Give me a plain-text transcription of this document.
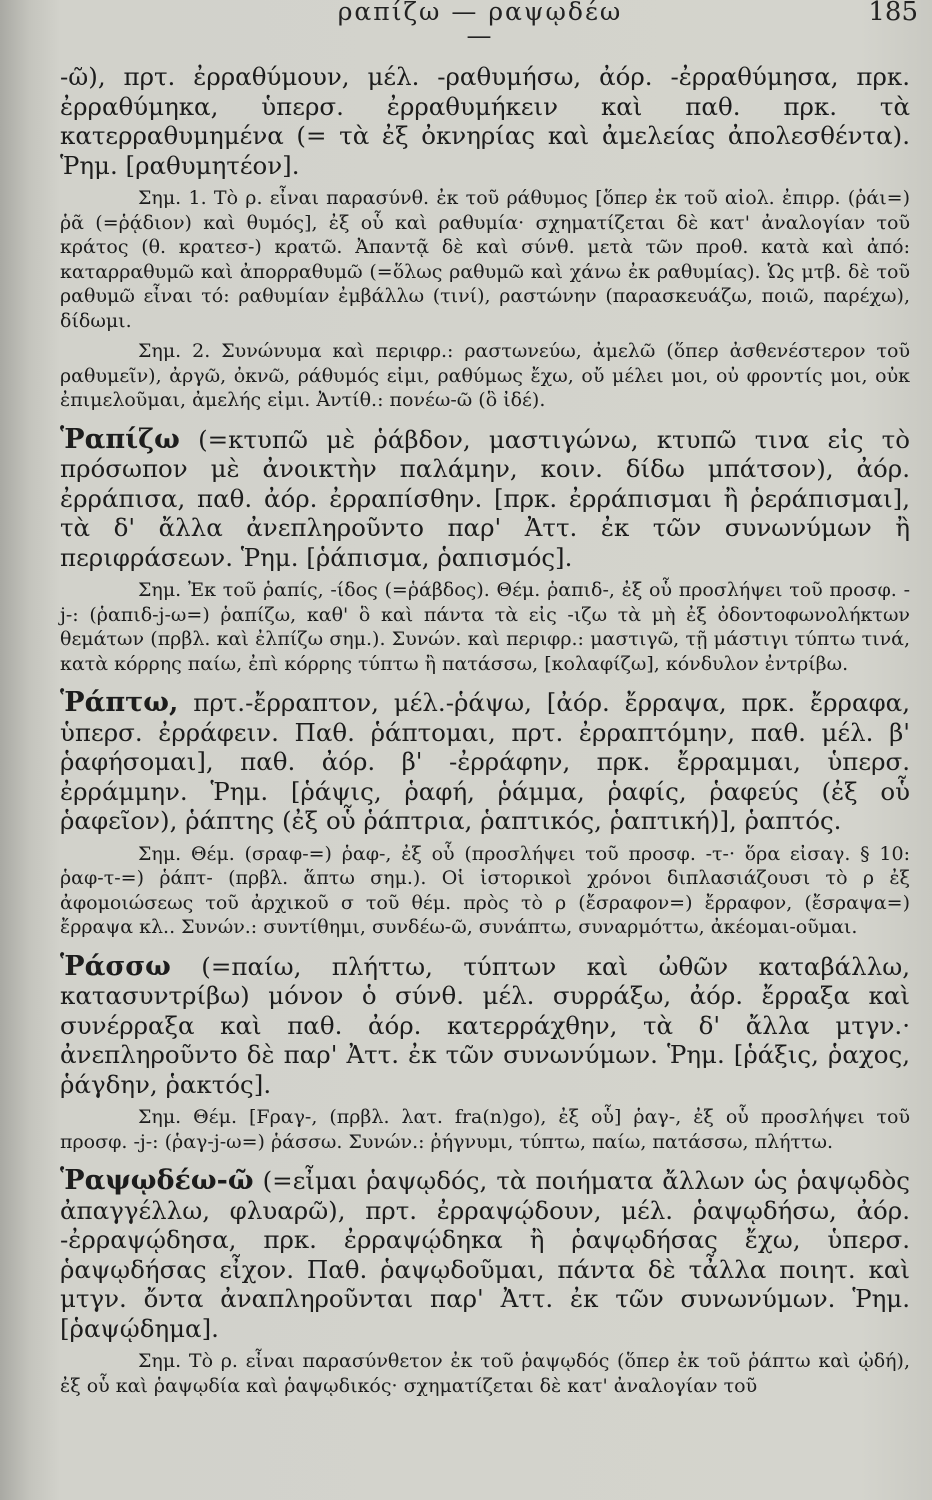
ραπίζω — ραψῳδέω —
185

-ῶ), πρτ. ἐρραθύμουν, μέλ. -ραθυμήσω, ἀόρ. -ἐρραθύμησα, πρκ. ἐρραθύμηκα, ὑπερσ. ἐρραθυμήκειν καὶ παθ. πρκ. τὰ κατερραθυμημένα (= τὰ ἐξ ὀκνηρίας καὶ ἀμελείας ἀπολεσθέντα). Ῥημ. [ραθυμητέον].

Σημ. 1. Τὸ ρ. εἶναι παρασύνθ. ἐκ τοῦ ράθυμος [ὅπερ ἐκ τοῦ αἰολ. ἐπιρρ. (ῥάι=) ῥᾶ (=ῥᾴδιον) καὶ θυμός], ἐξ οὗ καὶ ραθυμία· σχηματίζεται δὲ κατ' ἀναλογίαν τοῦ κράτος (θ. κρατεσ-) κρατῶ. Ἀπαντᾷ δὲ καὶ σύνθ. μετὰ τῶν προθ. κατὰ καὶ ἀπό: καταρραθυμῶ καὶ ἀπορραθυμῶ (=ὅλως ραθυμῶ καὶ χάνω ἐκ ραθυμίας). Ὡς μτβ. δὲ τοῦ ραθυμῶ εἶναι τό: ραθυμίαν ἐμβάλλω (τινί), ραστώνην (παρασκευάζω, ποιῶ, παρέχω), δίδωμι.

Σημ. 2. Συνώνυμα καὶ περιφρ.: ραστωνεύω, ἀμελῶ (ὅπερ ἀσθενέστερον τοῦ ραθυμεῖν), ἀργῶ, ὀκνῶ, ράθυμός εἰμι, ραθύμως ἔχω, οὔ μέλει μοι, οὐ φροντίς μοι, οὐκ ἐπιμελοῦμαι, ἀμελής εἰμι. Ἀντίθ.: πονέω-ῶ (ὃ ἰδέ).

Ῥαπίζω (=κτυπῶ μὲ ῥάβδον, μαστιγώνω, κτυπῶ τινα εἰς τὸ πρόσωπον μὲ ἀνοικτὴν παλάμην, κοιν. δίδω μπάτσον), ἀόρ. ἐρράπισα, παθ. ἀόρ. ἐρραπίσθην. [πρκ. ἐρράπισμαι ἢ ῥεράπισμαι], τὰ δ' ἄλλα ἀνεπληροῦντο παρ' Ἀττ. ἐκ τῶν συνωνύμων ἢ περιφράσεων. Ῥημ. [ῥάπισμα, ῥαπισμός].

Σημ. Ἐκ τοῦ ῥαπίς, -ίδος (=ῥάβδος). Θέμ. ῥαπιδ-, ἐξ οὗ προσλήψει τοῦ προσφ. -j-: (ῥαπιδ-j-ω=) ῥαπίζω, καθ' ὃ καὶ πάντα τὰ εἰς -ιζω τὰ μὴ ἐξ ὀδοντοφωνολήκτων θεμάτων (πρβλ. καὶ ἐλπίζω σημ.). Συνών. καὶ περιφρ.: μαστιγῶ, τῇ μάστιγι τύπτω τινά, κατὰ κόρρης παίω, ἐπὶ κόρρης τύπτω ἢ πατάσσω, [κολαφίζω], κόνδυλον ἐντρίβω.

Ῥάπτω, πρτ.-ἔρραπτον, μέλ.-ῥάψω, [ἀόρ. ἔρραψα, πρκ. ἔρραφα, ὑπερσ. ἐρράφειν. Παθ. ῥάπτομαι, πρτ. ἐρραπτόμην, παθ. μέλ. β' ῥαφήσομαι], παθ. ἀόρ. β' -ἐρράφην, πρκ. ἔρραμμαι, ὑπερσ. ἐρράμμην. Ῥημ. [ῥάψις, ῥαφή, ῥάμμα, ῥαφίς, ῥαφεύς (ἐξ οὗ ῥαφεῖον), ῥάπτης (ἐξ οὗ ῥάπτρια, ῥαπτικός, ῥαπτική)], ῥαπτός.

Σημ. Θέμ. (σραφ-=) ῥαφ-, ἐξ οὗ (προσλήψει τοῦ προσφ. -τ-· ὅρα εἰσαγ. § 10: ῥαφ-τ-=) ῥάπτ- (πρβλ. ἅπτω σημ.). Οἱ ἱστορικοὶ χρόνοι διπλασιάζουσι τὸ ρ ἐξ ἀφομοιώσεως τοῦ ἀρχικοῦ σ τοῦ θέμ. πρὸς τὸ ρ (ἔσραφον=) ἔρραφον, (ἔσραψα=) ἔρραψα κλ.. Συνών.: συντίθημι, συνδέω-ῶ, συνάπτω, συναρμόττω, ἀκέομαι-οῦμαι.

Ῥάσσω (=παίω, πλήττω, τύπτων καὶ ὠθῶν καταβάλλω, κατασυντρίβω) μόνον ὁ σύνθ. μέλ. συρράξω, ἀόρ. ἔρραξα καὶ συνέρραξα καὶ παθ. ἀόρ. κατερράχθην, τὰ δ' ἄλλα μτγν.· ἀνεπληροῦντο δὲ παρ' Ἀττ. ἐκ τῶν συνωνύμων. Ῥημ. [ῥάξις, ῥαχος, ῥάγδην, ῥακτός].

Σημ. Θέμ. [Fραγ-, (πρβλ. λατ. fra(n)go), ἐξ οὗ] ῥαγ-, ἐξ οὗ προσλήψει τοῦ προσφ. -j-: (ῥαγ-j-ω=) ῥάσσω. Συνών.: ῥήγνυμι, τύπτω, παίω, πατάσσω, πλήττω.

Ῥαψῳδέω-ῶ (=εἶμαι ῥαψῳδός, τὰ ποιήματα ἄλλων ὡς ῥαψῳδὸς ἀπαγγέλλω, φλυαρῶ), πρτ. ἐρραψῴδουν, μέλ. ῥαψῳδήσω, ἀόρ. -ἐρραψῴδησα, πρκ. ἐρραψῴδηκα ἢ ῥαψῳδήσας ἔχω, ὑπερσ. ῥαψῳδήσας εἶχον. Παθ. ῥαψῳδοῦμαι, πάντα δὲ τἆλλα ποιητ. καὶ μτγν. ὄντα ἀναπληροῦνται παρ' Ἀττ. ἐκ τῶν συνωνύμων. Ῥημ. [ῥαψῴδημα].

Σημ. Τὸ ρ. εἶναι παρασύνθετον ἐκ τοῦ ῥαψῳδός (ὅπερ ἐκ τοῦ ῥάπτω καὶ ᾠδή), ἐξ οὗ καὶ ῥαψῳδία καὶ ῥαψῳδικός· σχηματίζεται δὲ κατ' ἀναλογίαν τοῦ
